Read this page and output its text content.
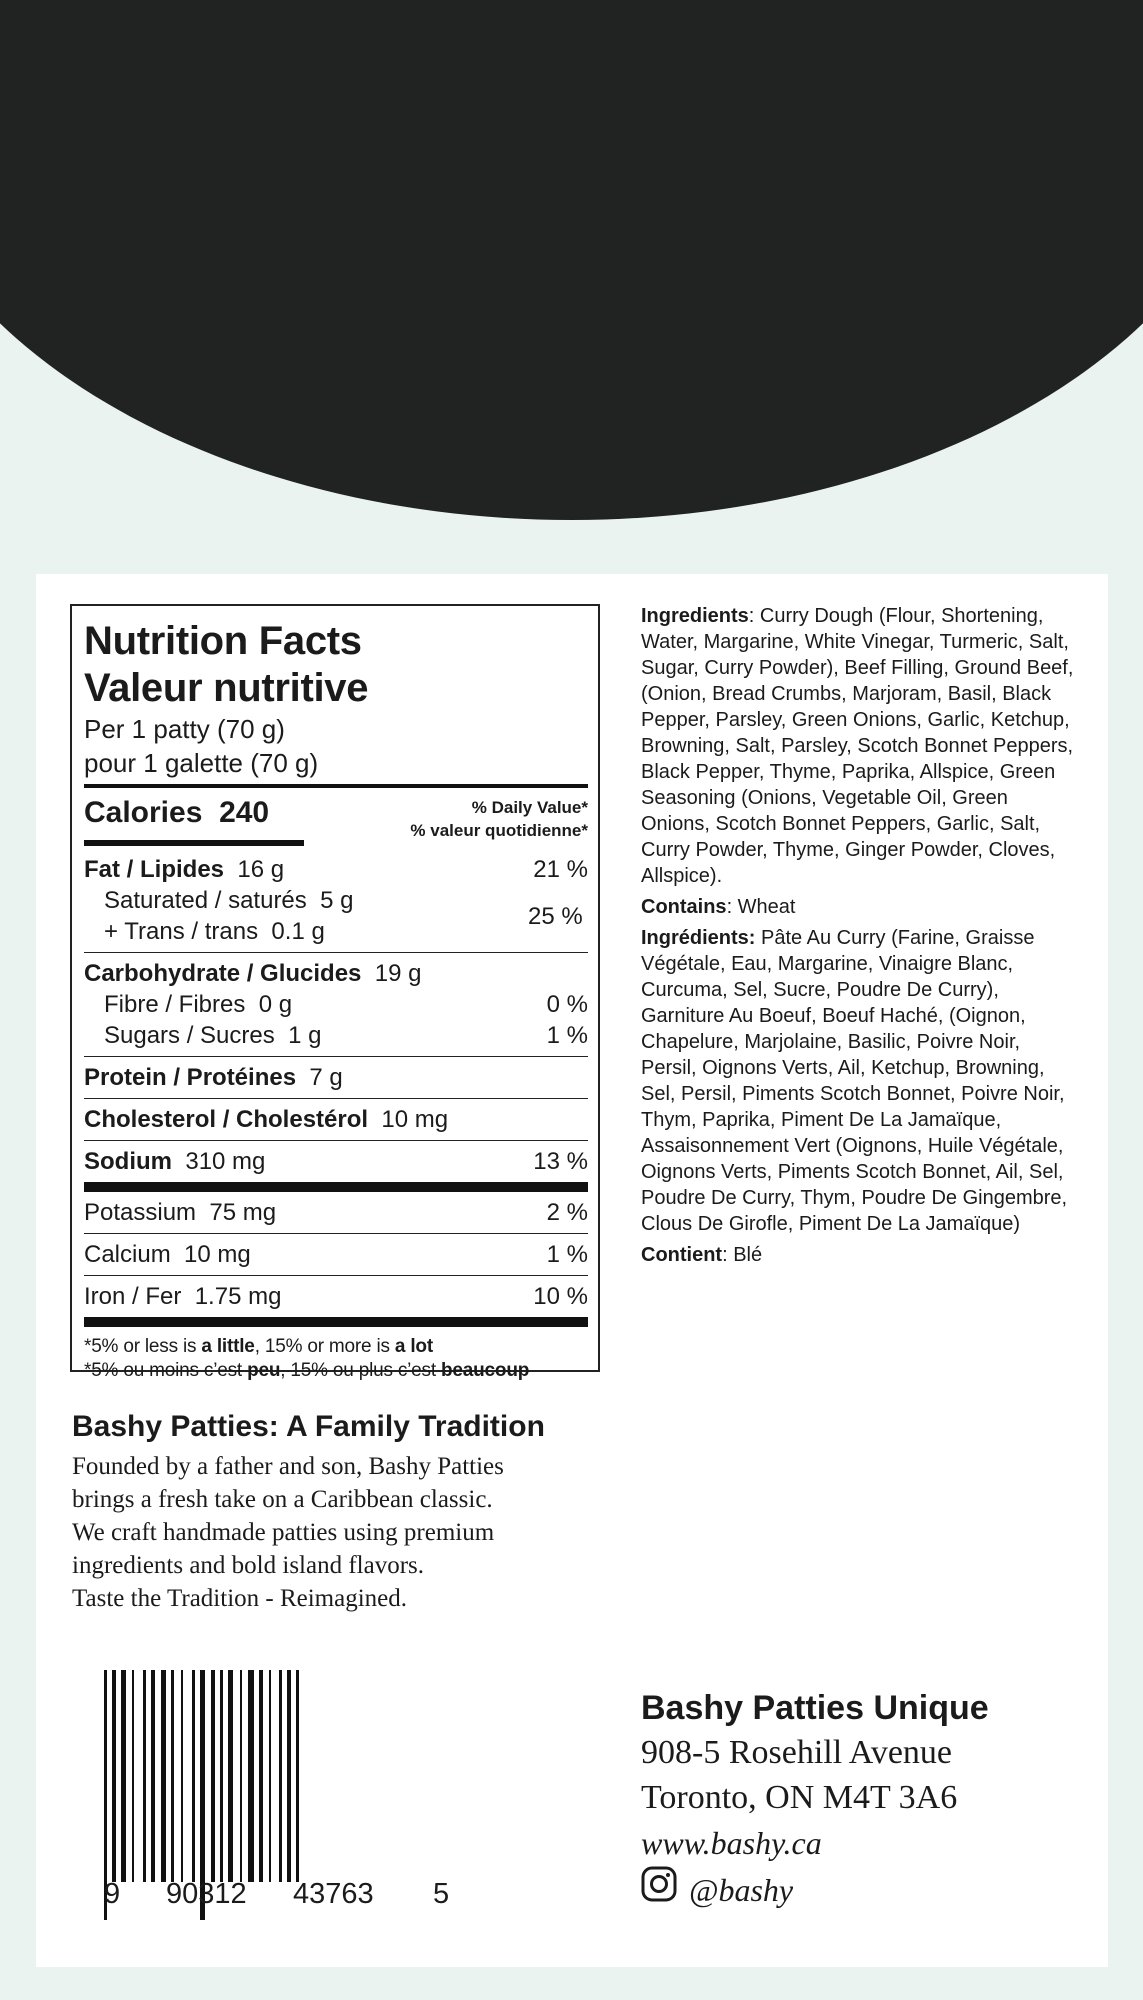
Nutrition Facts
Valeur nutritive
Per 1 patty (70 g)
pour 1 galette (70 g)
Calories 240	% Daily Value*
% valeur quotidienne*
Fat / Lipides 16 g	21 %
Saturated / saturés 5 g
+ Trans / trans 0.1 g
25 %
Carbohydrate / Glucides 19 g
Fibre / Fibres 0 g	0 %
Sugars / Sucres 1 g	1 %
Protein / Protéines 7 g
Cholesterol / Cholestérol 10 mg
Sodium 310 mg	13 %
Potassium 75 mg	2 %
Calcium 10 mg	1 %
Iron / Fer 1.75 mg	10 %
*5% or less is a little, 15% or more is a lot
*5% ou moins c’est peu, 15% ou plus c’est beaucoup

Ingredients: Curry Dough (Flour, Shortening, Water, Margarine, White Vinegar, Turmeric, Salt, Sugar, Curry Powder), Beef Filling, Ground Beef, (Onion, Bread Crumbs, Marjoram, Basil, Black Pepper, Parsley, Green Onions, Garlic, Ketchup, Browning, Salt, Parsley, Scotch Bonnet Peppers, Black Pepper, Thyme, Paprika, Allspice, Green Seasoning (Onions, Vegetable Oil, Green Onions, Scotch Bonnet Peppers, Garlic, Salt, Curry Powder, Thyme, Ginger Powder, Cloves, Allspice).

Contains: Wheat

Ingrédients: Pâte Au Curry (Farine, Graisse Végétale, Eau, Margarine, Vinaigre Blanc, Curcuma, Sel, Sucre, Poudre De Curry), Garniture Au Boeuf, Boeuf Haché, (Oignon, Chapelure, Marjolaine, Basilic, Poivre Noir, Persil, Oignons Verts, Ail, Ketchup, Browning, Sel, Persil, Piments Scotch Bonnet, Poivre Noir, Thym, Paprika, Piment De La Jamaïque, Assaisonnement Vert (Oignons, Huile Végétale, Oignons Verts, Piments Scotch Bonnet, Ail, Sel, Poudre De Curry, Thym, Poudre De Gingembre, Clous De Girofle, Piment De La Jamaïque)

Contient: Blé

Bashy Patties: A Family Tradition
Founded by a father and son, Bashy Patties
brings a fresh take on a Caribbean classic.
We craft handmade patties using premium
ingredients and bold island flavors.
Taste the Tradition - Reimagined.
9 90312 43763 5
Bashy Patties Unique
908-5 Rosehill Avenue
Toronto, ON M4T 3A6
www.bashy.ca
@bashy
